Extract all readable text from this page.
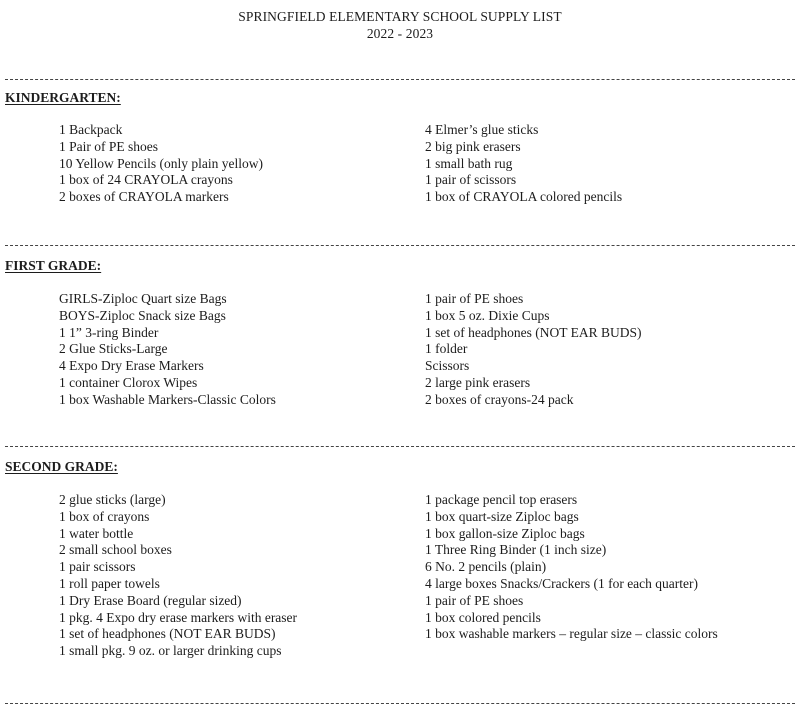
SPRINGFIELD ELEMENTARY SCHOOL SUPPLY LIST
2022 - 2023
KINDERGARTEN:
1 Backpack
1 Pair of PE shoes
10 Yellow Pencils (only plain yellow)
1 box of 24 CRAYOLA crayons
2 boxes of CRAYOLA markers
4 Elmer’s glue sticks
2 big pink erasers
1 small bath rug
1 pair of scissors
1 box of CRAYOLA colored pencils
FIRST GRADE:
GIRLS-Ziploc Quart size Bags
BOYS-Ziploc Snack size Bags
1 1” 3-ring Binder
2 Glue Sticks-Large
4 Expo Dry Erase Markers
1 container Clorox Wipes
1 box Washable Markers-Classic Colors
1 pair of PE shoes
1 box 5 oz. Dixie Cups
1 set of headphones (NOT EAR BUDS)
1 folder
Scissors
2 large pink erasers
2 boxes of crayons-24 pack
SECOND GRADE:
2 glue sticks (large)
1 box of crayons
1 water bottle
2 small school boxes
1 pair scissors
1 roll paper towels
1 Dry Erase Board (regular sized)
1 pkg. 4 Expo dry erase markers with eraser
1 set of headphones (NOT EAR BUDS)
1 small pkg. 9 oz. or larger drinking cups
1 package pencil top erasers
1 box quart-size Ziploc bags
1 box gallon-size Ziploc bags
1 Three Ring Binder (1 inch size)
6 No. 2 pencils (plain)
4 large boxes Snacks/Crackers (1 for each quarter)
1 pair of PE shoes
1 box colored pencils
1 box washable markers – regular size – classic colors
